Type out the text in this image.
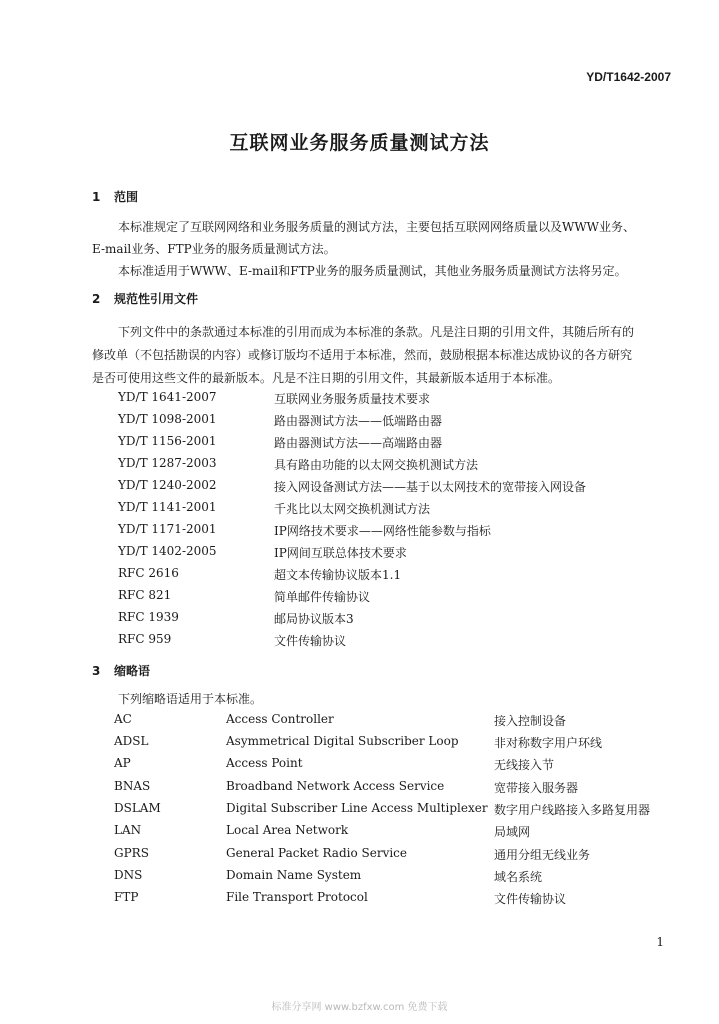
YD/T1642-2007
互联网业务服务质量测试方法
1 范围
本标准规定了互联网网络和业务服务质量的测试方法，主要包括互联网网络质量以及WWW业务、
E-mail业务、FTP业务的服务质量测试方法。
本标准适用于WWW、E-mail和FTP业务的服务质量测试，其他业务服务质量测试方法将另定。
2 规范性引用文件
下列文件中的条款通过本标准的引用而成为本标准的条款。凡是注日期的引用文件，其随后所有的
修改单（不包括勘误的内容）或修订版均不适用于本标准，然而，鼓励根据本标准达成协议的各方研究
是否可使用这些文件的最新版本。凡是不注日期的引用文件，其最新版本适用于本标准。
YD/T 1641-2007	互联网业务服务质量技术要求
YD/T 1098-2001	路由器测试方法——低端路由器
YD/T 1156-2001	路由器测试方法——高端路由器
YD/T 1287-2003	具有路由功能的以太网交换机测试方法
YD/T 1240-2002	接入网设备测试方法——基于以太网技术的宽带接入网设备
YD/T 1141-2001	千兆比以太网交换机测试方法
YD/T 1171-2001	IP网络技术要求——网络性能参数与指标
YD/T 1402-2005	IP网间互联总体技术要求
RFC 2616	超文本传输协议版本1.1
RFC 821	简单邮件传输协议
RFC 1939	邮局协议版本3
RFC 959	文件传输协议
3 缩略语
下列缩略语适用于本标准。
AC	Access Controller	接入控制设备
ADSL	Asymmetrical Digital Subscriber Loop	非对称数字用户环线
AP	Access Point	无线接入节
BNAS	Broadband Network Access Service	宽带接入服务器
DSLAM	Digital Subscriber Line Access Multiplexer 数字用户线路接入多路复用器
LAN	Local Area Network	局域网
GPRS	General Packet Radio Service	通用分组无线业务
DNS	Domain Name System	域名系统
FTP	File Transport Protocol	文件传输协议
1
标准分享网 www.bzfxw.com 免费下载
